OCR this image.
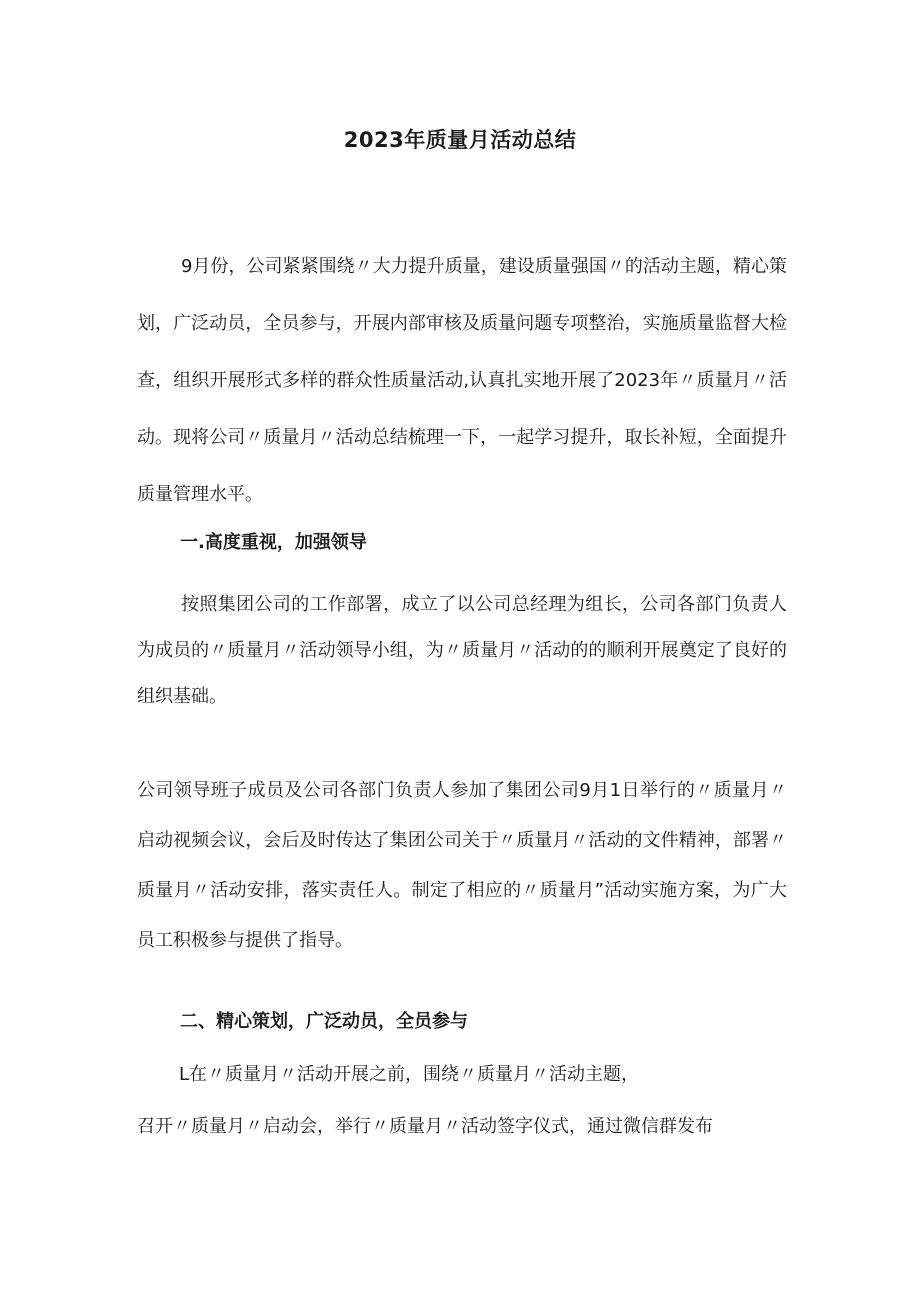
2023年质量月活动总结

9月份，公司紧紧围绕〃大力提升质量，建设质量强国〃的活动主题，精心策划，广泛动员，全员参与，开展内部审核及质量问题专项整治，实施质量监督大检查，组织开展形式多样的群众性质量活动,认真扎实地开展了2023年〃质量月〃活动。现将公司〃质量月〃活动总结梳理一下，一起学习提升，取长补短，全面提升质量管理水平。

一.高度重视，加强领导

按照集团公司的工作部署，成立了以公司总经理为组长，公司各部门负责人为成员的〃质量月〃活动领导小组，为〃质量月〃活动的的顺利开展奠定了良好的组织基础。

公司领导班子成员及公司各部门负责人参加了集团公司9月1日举行的〃质量月〃启动视频会议，会后及时传达了集团公司关于〃质量月〃活动的文件精神，部署〃质量月〃活动安排，落实责任人。制定了相应的〃质量月”活动实施方案，为广大员工积极参与提供了指导。

二、精心策划，广泛动员，全员参与

L在〃质量月〃活动开展之前，围绕〃质量月〃活动主题，

召开〃质量月〃启动会，举行〃质量月〃活动签字仪式，通过微信群发布
